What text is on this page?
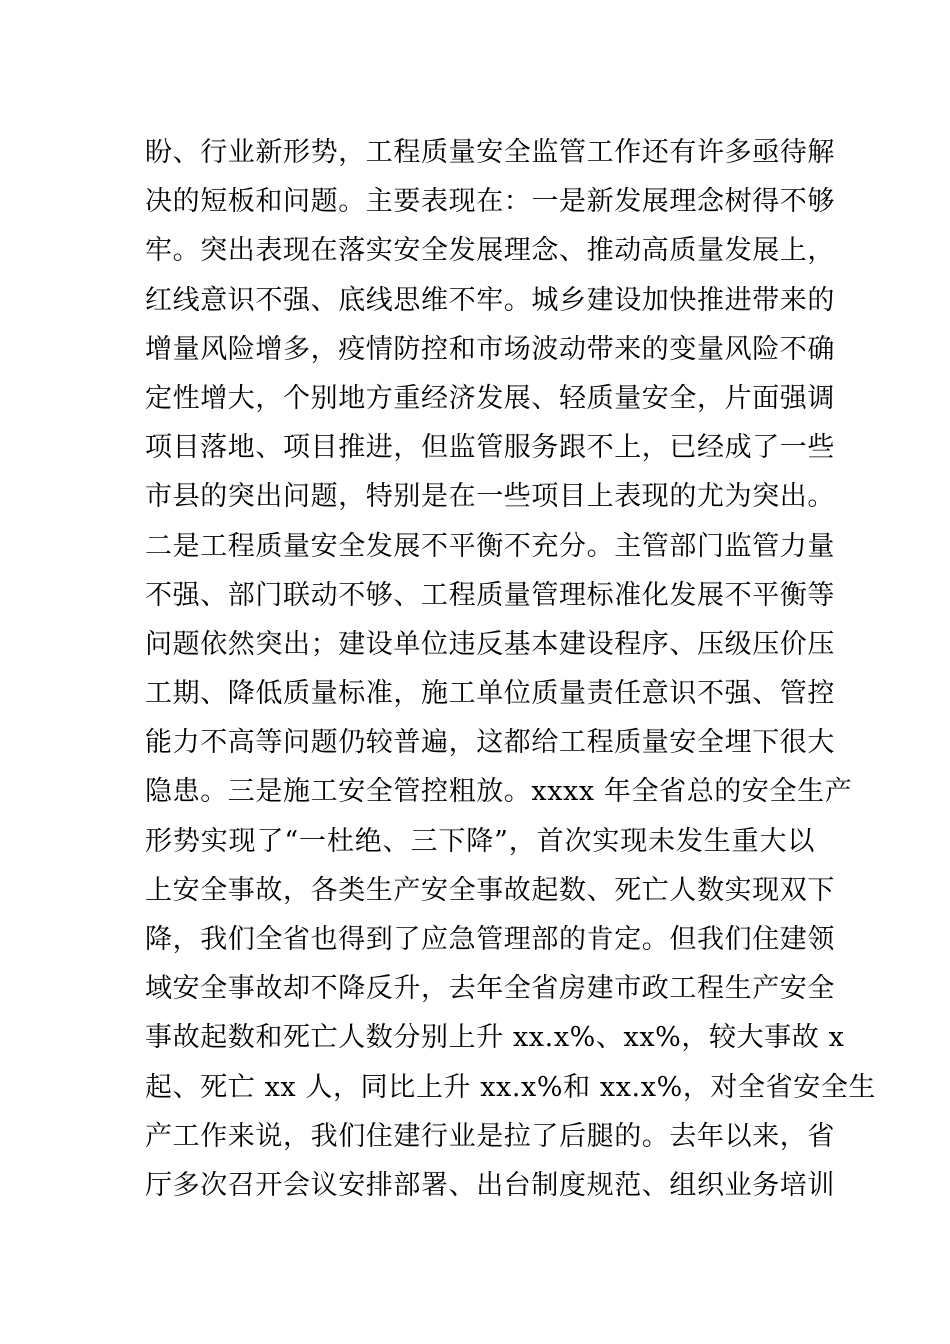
盼、行业新形势，工程质量安全监管工作还有许多亟待解
决的短板和问题。主要表现在：一是新发展理念树得不够
牢。突出表现在落实安全发展理念、推动高质量发展上，
红线意识不强、底线思维不牢。城乡建设加快推进带来的
增量风险增多，疫情防控和市场波动带来的变量风险不确
定性增大，个别地方重经济发展、轻质量安全，片面强调
项目落地、项目推进，但监管服务跟不上，已经成了一些
市县的突出问题，特别是在一些项目上表现的尤为突出。
二是工程质量安全发展不平衡不充分。主管部门监管力量
不强、部门联动不够、工程质量管理标准化发展不平衡等
问题依然突出；建设单位违反基本建设程序、压级压价压
工期、降低质量标准，施工单位质量责任意识不强、管控
能力不高等问题仍较普遍，这都给工程质量安全埋下很大
隐患。三是施工安全管控粗放。xxxx 年全省总的安全生产
形势实现了“一杜绝、三下降”，首次实现未发生重大以
上安全事故，各类生产安全事故起数、死亡人数实现双下
降，我们全省也得到了应急管理部的肯定。但我们住建领
域安全事故却不降反升，去年全省房建市政工程生产安全
事故起数和死亡人数分别上升 xx.x%、xx%，较大事故 x
起、死亡 xx 人，同比上升 xx.x%和 xx.x%，对全省安全生
产工作来说，我们住建行业是拉了后腿的。去年以来，省
厅多次召开会议安排部署、出台制度规范、组织业务培训
